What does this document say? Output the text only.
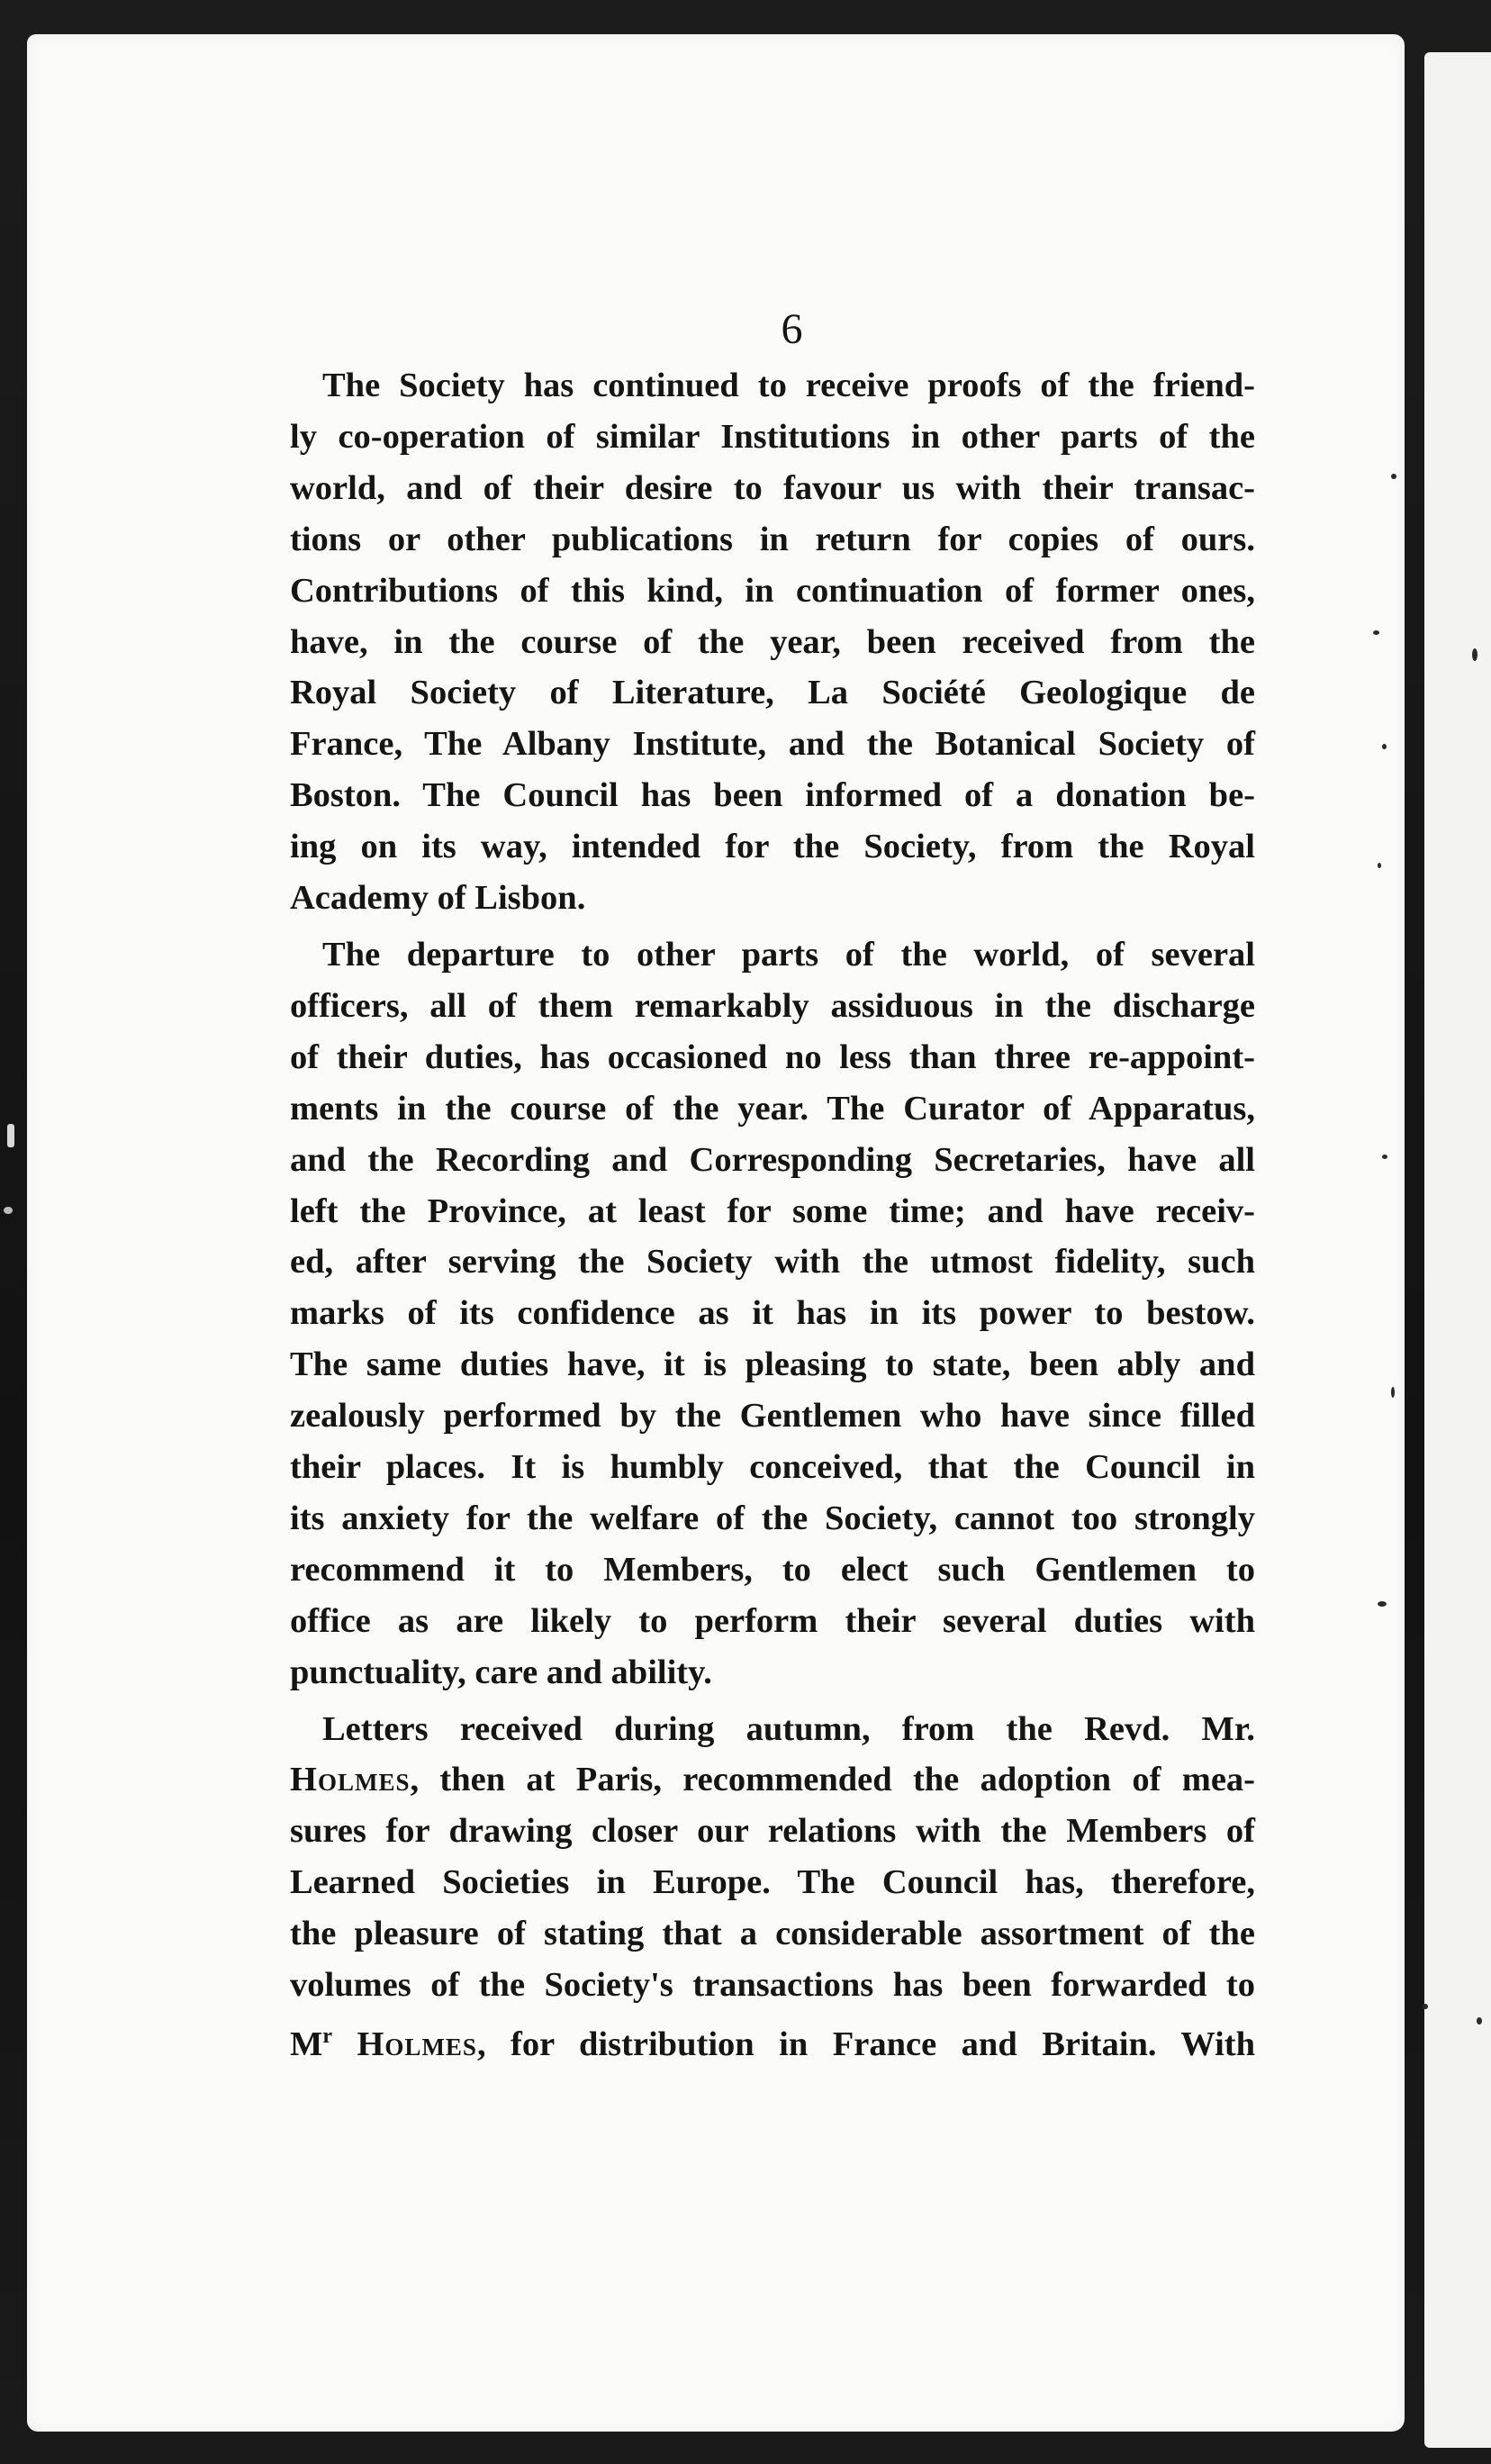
6
The Society has continued to receive proofs of the friend-
ly co-operation of similar Institutions in other parts of the
world, and of their desire to favour us with their transac-
tions or other publications in return for copies of ours.
Contributions of this kind, in continuation of former ones,
have, in the course of the year, been received from the
Royal Society of Literature, La Société Geologique de
France, The Albany Institute, and the Botanical Society of
Boston. The Council has been informed of a donation be-
ing on its way, intended for the Society, from the Royal
Academy of Lisbon.
The departure to other parts of the world, of several
officers, all of them remarkably assiduous in the discharge
of their duties, has occasioned no less than three re-appoint-
ments in the course of the year. The Curator of Apparatus,
and the Recording and Corresponding Secretaries, have all
left the Province, at least for some time; and have receiv-
ed, after serving the Society with the utmost fidelity, such
marks of its confidence as it has in its power to bestow.
The same duties have, it is pleasing to state, been ably and
zealously performed by the Gentlemen who have since filled
their places. It is humbly conceived, that the Council in
its anxiety for the welfare of the Society, cannot too strongly
recommend it to Members, to elect such Gentlemen to
office as are likely to perform their several duties with
punctuality, care and ability.
Letters received during autumn, from the Revd. Mr.
Holmes, then at Paris, recommended the adoption of mea-
sures for drawing closer our relations with the Members of
Learned Societies in Europe. The Council has, therefore,
the pleasure of stating that a considerable assortment of the
volumes of the Society's transactions has been forwarded to
$M^r$ Holmes, for distribution in France and Britain. With
